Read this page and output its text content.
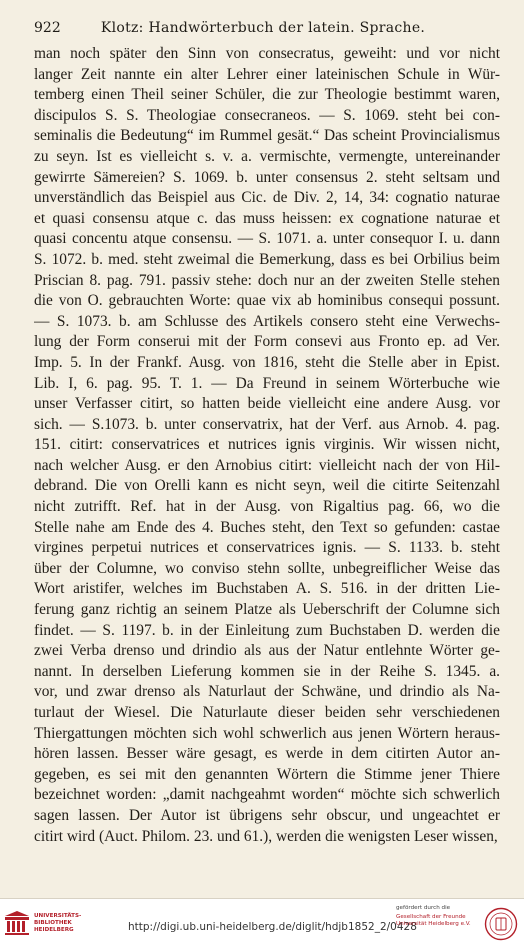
922	Klotz: Handwörterbuch der latein. Sprache.
man noch später den Sinn von consecratus, geweiht: und vor nicht
langer Zeit nannte ein alter Lehrer einer lateinischen Schule in Wür-
temberg einen Theil seiner Schüler, die zur Theologie bestimmt waren,
discipulos S. S. Theologiae consecraneos. — S. 1069. steht bei con-
seminalis die Bedeutung“ im Rummel gesät.“ Das scheint Provincialismus
zu seyn. Ist es vielleicht s. v. a. vermischte, vermengte, untereinander
gewirrte Sämereien? S. 1069. b. unter consensus 2. steht seltsam und
unverständlich das Beispiel aus Cic. de Div. 2, 14, 34: cognatio naturae
et quasi consensu atque c. das muss heissen: ex cognatione naturae et
quasi concentu atque consensu. — S. 1071. a. unter consequor I. u. dann
S. 1072. b. med. steht zweimal die Bemerkung, dass es bei Orbilius beim
Priscian 8. pag. 791. passiv stehe: doch nur an der zweiten Stelle stehen
die von O. gebrauchten Worte: quae vix ab hominibus consequi possunt.
— S. 1073. b. am Schlusse des Artikels consero steht eine Verwechs-
lung der Form conserui mit der Form consevi aus Fronto ep. ad Ver.
Imp. 5. In der Frankf. Ausg. von 1816, steht die Stelle aber in Epist.
Lib. I, 6. pag. 95. T. 1. — Da Freund in seinem Wörterbuche wie
unser Verfasser citirt, so hatten beide vielleicht eine andere Ausg. vor
sich. — S.1073. b. unter conservatrix, hat der Verf. aus Arnob. 4. pag.
151. citirt: conservatrices et nutrices ignis virginis. Wir wissen nicht,
nach welcher Ausg. er den Arnobius citirt: vielleicht nach der von Hil-
debrand. Die von Orelli kann es nicht seyn, weil die citirte Seitenzahl
nicht zutrifft. Ref. hat in der Ausg. von Rigaltius pag. 66, wo die
Stelle nahe am Ende des 4. Buches steht, den Text so gefunden: castae
virgines perpetui nutrices et conservatrices ignis. — S. 1133. b. steht
über der Columne, wo conviso stehn sollte, unbegreiflicher Weise das
Wort aristifer, welches im Buchstaben A. S. 516. in der dritten Lie-
ferung ganz richtig an seinem Platze als Ueberschrift der Columne sich
findet. — S. 1197. b. in der Einleitung zum Buchstaben D. werden die
zwei Verba drenso und drindio als aus der Natur entlehnte Wörter ge-
nannt. In derselben Lieferung kommen sie in der Reihe S. 1345. a.
vor, und zwar drenso als Naturlaut der Schwäne, und drindio als Na-
turlaut der Wiesel. Die Naturlaute dieser beiden sehr verschiedenen
Thiergattungen möchten sich wohl schwerlich aus jenen Wörtern heraus-
hören lassen. Besser wäre gesagt, es werde in dem citirten Autor an-
gegeben, es sei mit den genannten Wörtern die Stimme jener Thiere
bezeichnet worden: „damit nachgeahmt worden“ möchte sich schwerlich
sagen lassen. Der Autor ist übrigens sehr obscur, und ungeachtet er
citirt wird (Auct. Philom. 23. und 61.), werden die wenigsten Leser wissen,
UNIVERSITÄTS-
BIBLIOTHEK
HEIDELBERG	http://digi.ub.uni-heidelberg.de/diglit/hdjb1852_2/0428
gefördert durch die
Gesellschaft der Freunde
Universität Heidelberg e.V.
